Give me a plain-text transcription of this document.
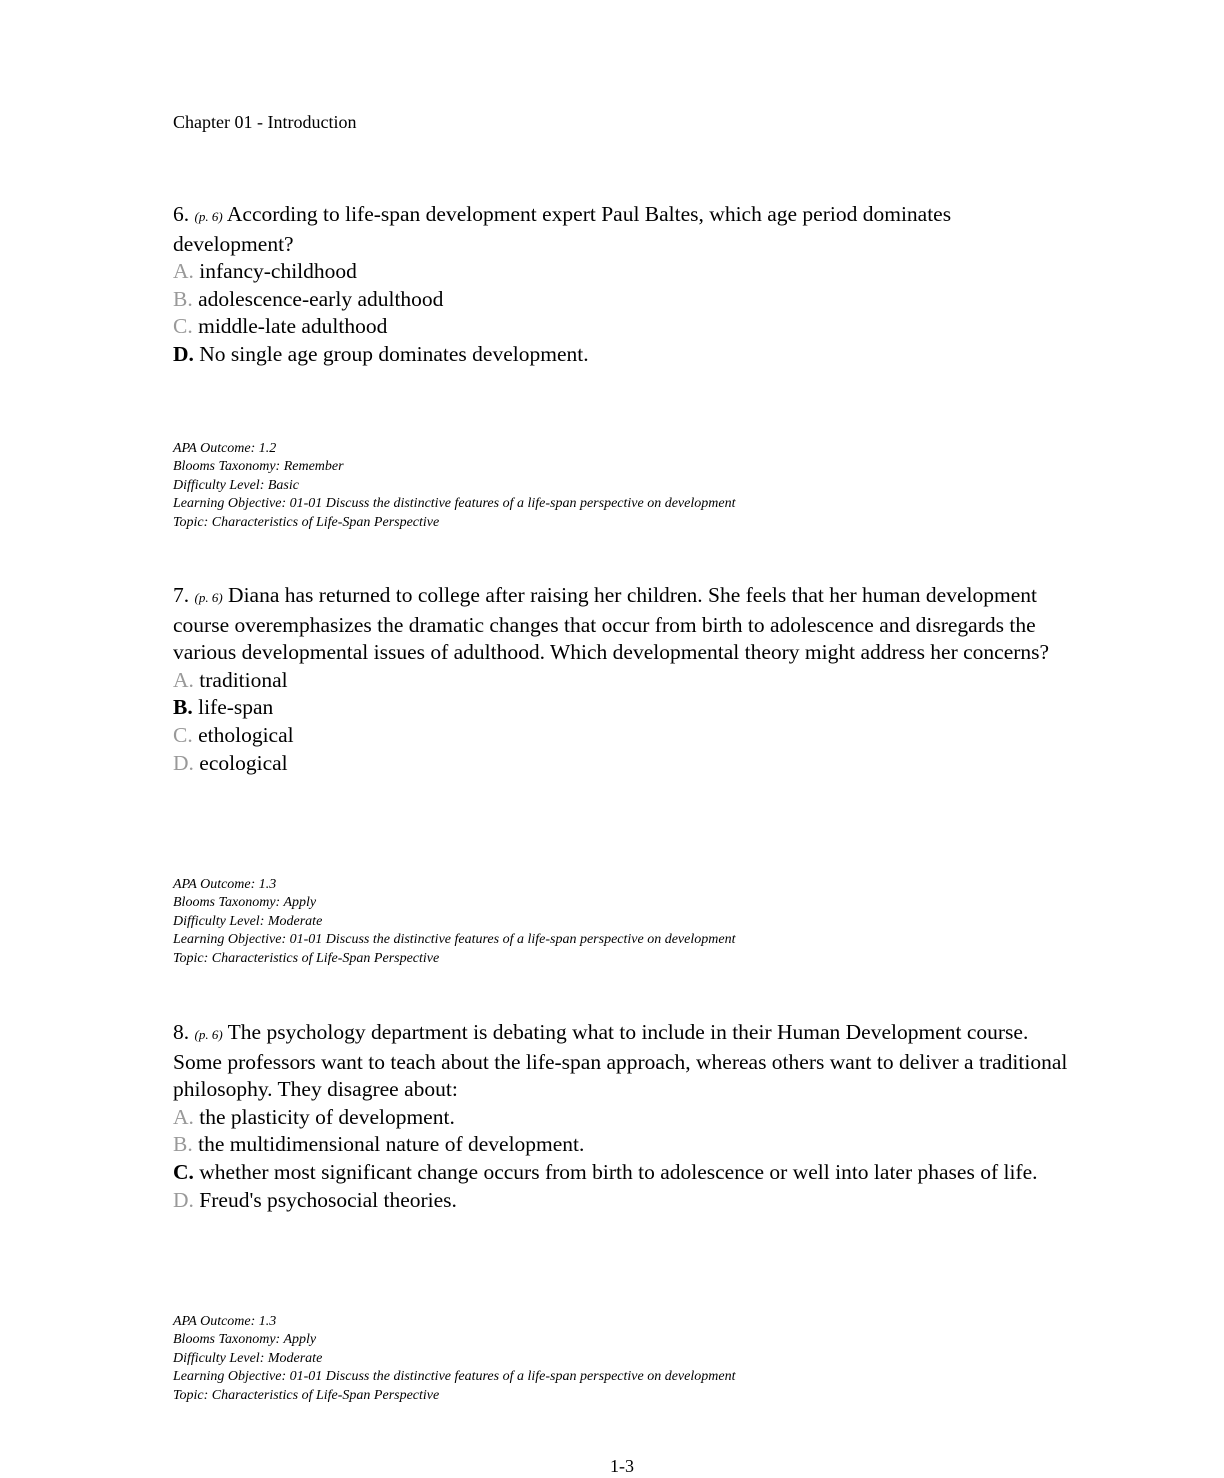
Chapter 01 - Introduction

6. (p. 6) According to life-span development expert Paul Baltes, which age period dominates development?

A. infancy-childhood

B. adolescence-early adulthood

C. middle-late adulthood

D. No single age group dominates development.

APA Outcome: 1.2
Blooms Taxonomy: Remember
Difficulty Level: Basic
Learning Objective: 01-01 Discuss the distinctive features of a life-span perspective on development
Topic: Characteristics of Life-Span Perspective

7. (p. 6) Diana has returned to college after raising her children. She feels that her human development course overemphasizes the dramatic changes that occur from birth to adolescence and disregards the various developmental issues of adulthood. Which developmental theory might address her concerns?

A. traditional

B. life-span

C. ethological

D. ecological

APA Outcome: 1.3
Blooms Taxonomy: Apply
Difficulty Level: Moderate
Learning Objective: 01-01 Discuss the distinctive features of a life-span perspective on development
Topic: Characteristics of Life-Span Perspective

8. (p. 6) The psychology department is debating what to include in their Human Development course. Some professors want to teach about the life-span approach, whereas others want to deliver a traditional philosophy. They disagree about:

A. the plasticity of development.

B. the multidimensional nature of development.

C. whether most significant change occurs from birth to adolescence or well into later phases of life.

D. Freud's psychosocial theories.

APA Outcome: 1.3
Blooms Taxonomy: Apply
Difficulty Level: Moderate
Learning Objective: 01-01 Discuss the distinctive features of a life-span perspective on development
Topic: Characteristics of Life-Span Perspective
1-3
